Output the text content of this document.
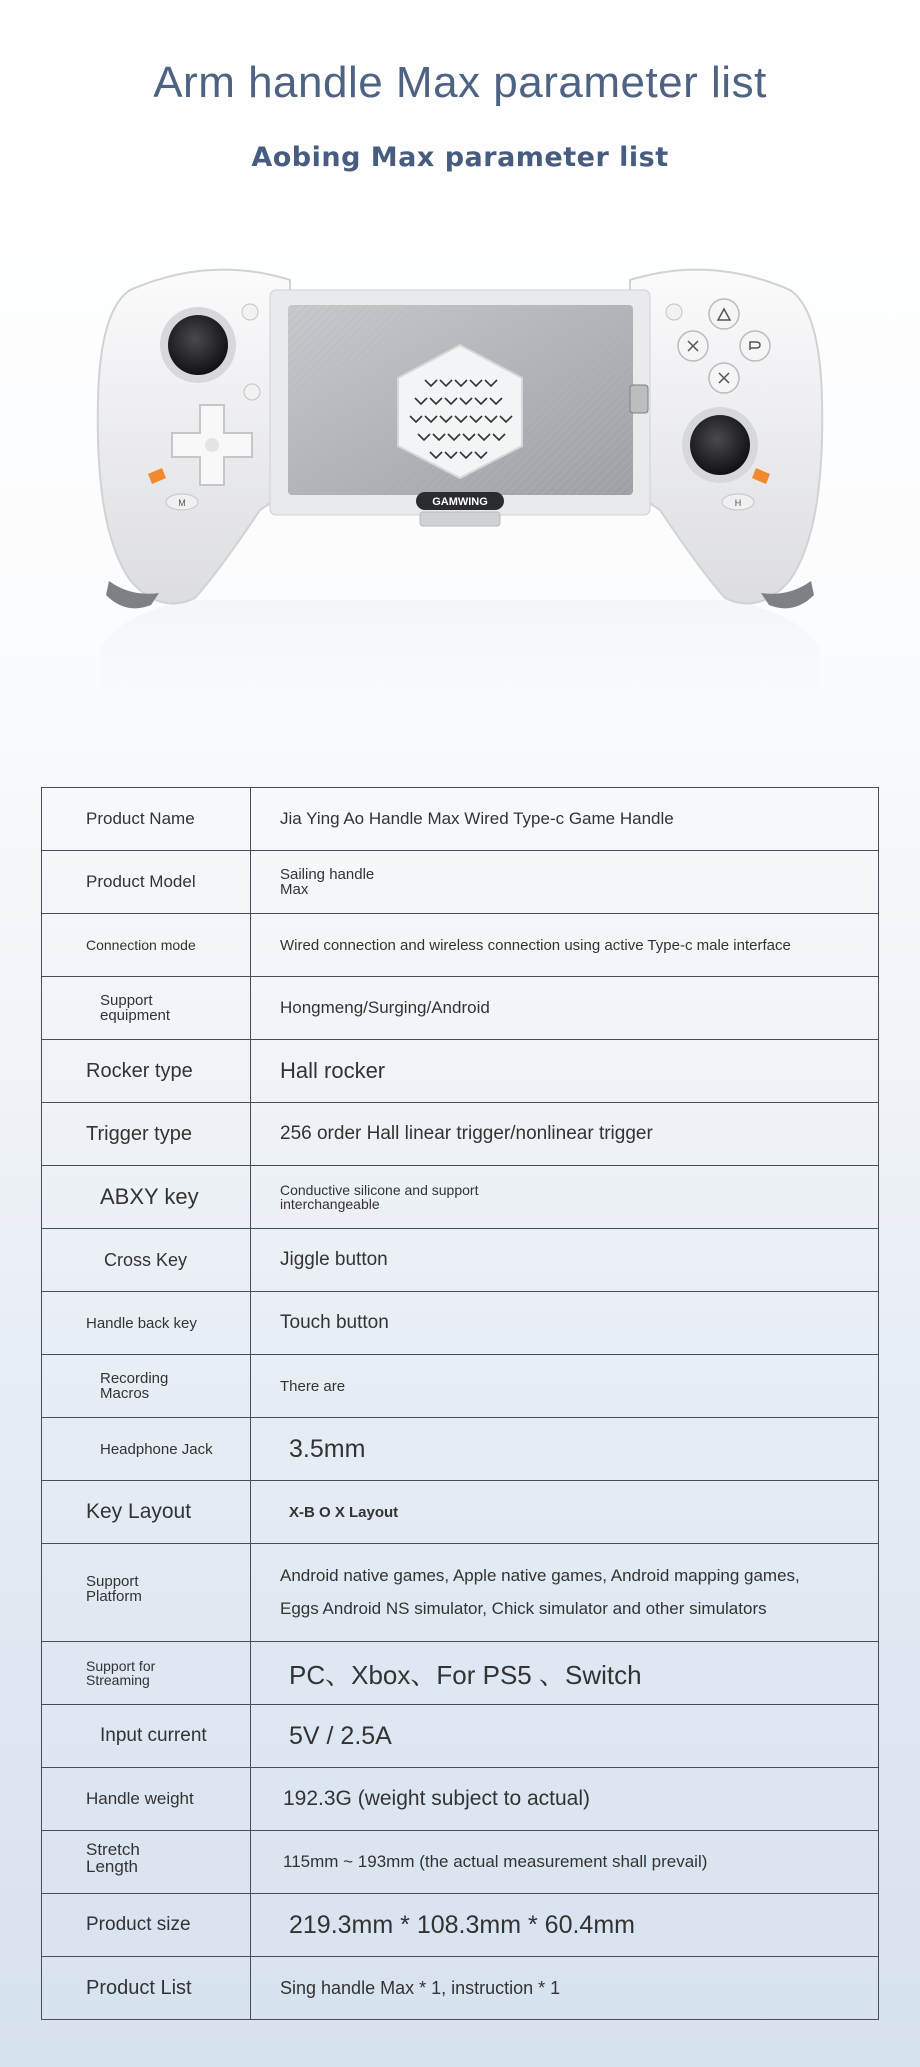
Arm handle Max parameter list
Aobing Max parameter list
GAMWING
M	H
Product Name	Jia Ying Ao Handle Max Wired Type-c Game Handle
Product Model	Sailing handle Max
Connection mode	Wired connection and wireless connection using active Type-c male interface
Support equipment	Hongmeng/Surging/Android
Rocker type	Hall rocker
Trigger type	256 order Hall linear trigger/nonlinear trigger
ABXY key	Conductive silicone and support interchangeable
Cross Key	Jiggle button
Handle back key	Touch button
Recording Macros	There are
Headphone Jack	3.5mm
Key Layout	X-B O X Layout
Support Platform	Android native games, Apple native games, Android mapping games, Eggs Android NS simulator, Chick simulator and other simulators
Support for Streaming	PC、Xbox、For PS5 、Switch
Input current	5V / 2.5A
Handle weight	192.3G (weight subject to actual)
Stretch Length	115mm ~ 193mm (the actual measurement shall prevail)
Product size	219.3mm * 108.3mm * 60.4mm
Product List	Sing handle Max * 1, instruction * 1
